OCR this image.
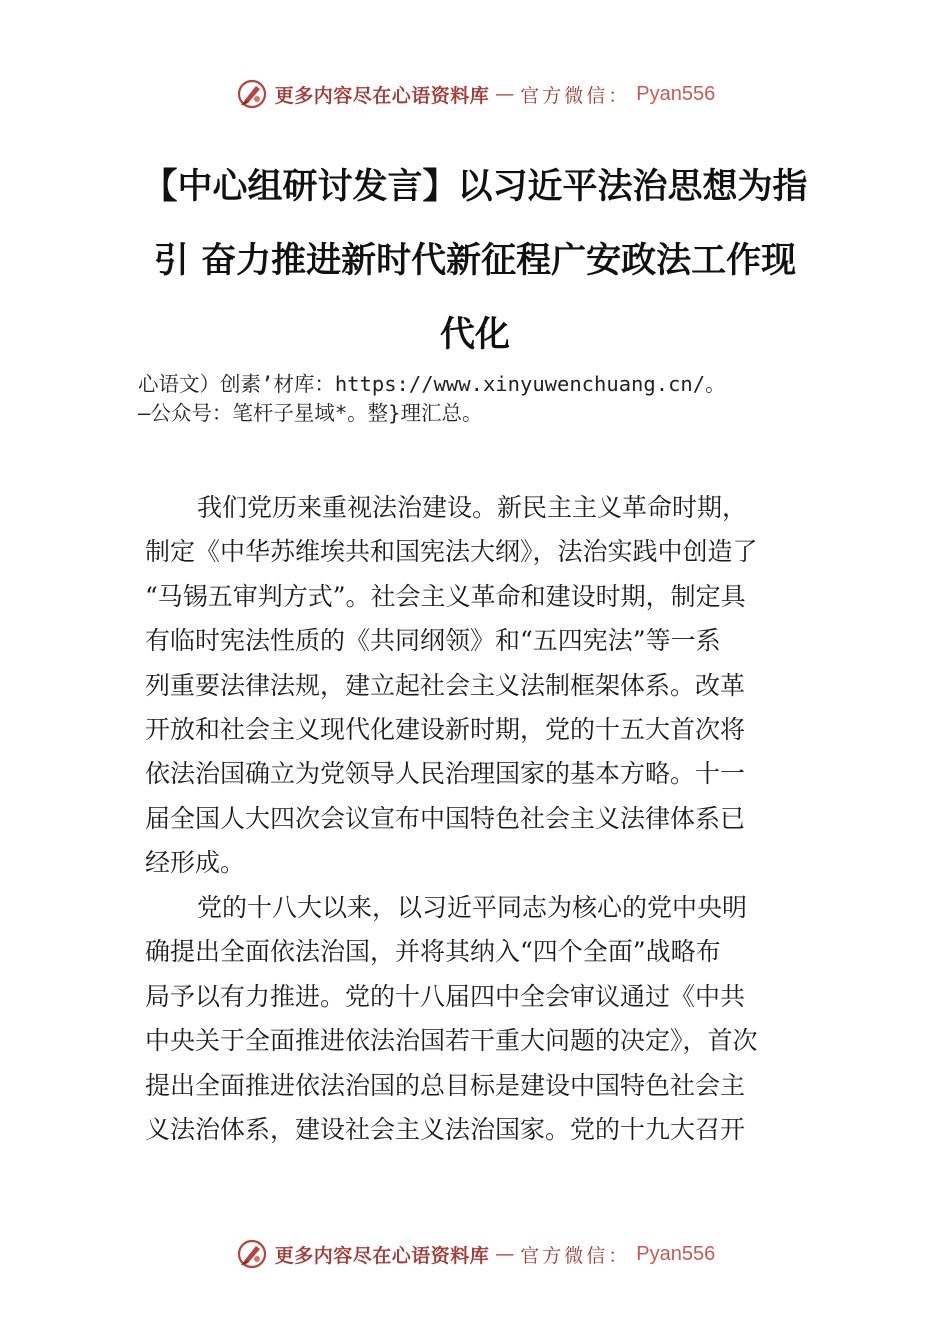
更多内容尽在心语资料库 — 官方微信： Pyan556
【中心组研讨发言】以习近平法治思想为指
引 奋力推进新时代新征程广安政法工作现
代化

心语文）创素’材库：https://www.xinyuwenchuang.cn/。
—公众号：笔杆子星域*。整}理汇总。

我们党历来重视法治建设。新民主主义革命时期，
制定《中华苏维埃共和国宪法大纲》，法治实践中创造了
“马锡五审判方式”。社会主义革命和建设时期，制定具
有临时宪法性质的《共同纲领》和“五四宪法”等一系
列重要法律法规，建立起社会主义法制框架体系。改革
开放和社会主义现代化建设新时期，党的十五大首次将
依法治国确立为党领导人民治理国家的基本方略。十一
届全国人大四次会议宣布中国特色社会主义法律体系已
经形成。

党的十八大以来，以习近平同志为核心的党中央明
确提出全面依法治国，并将其纳入“四个全面”战略布
局予以有力推进。党的十八届四中全会审议通过《中共
中央关于全面推进依法治国若干重大问题的决定》，首次
提出全面推进依法治国的总目标是建设中国特色社会主
义法治体系，建设社会主义法治国家。党的十九大召开

更多内容尽在心语资料库 — 官方微信： Pyan556
